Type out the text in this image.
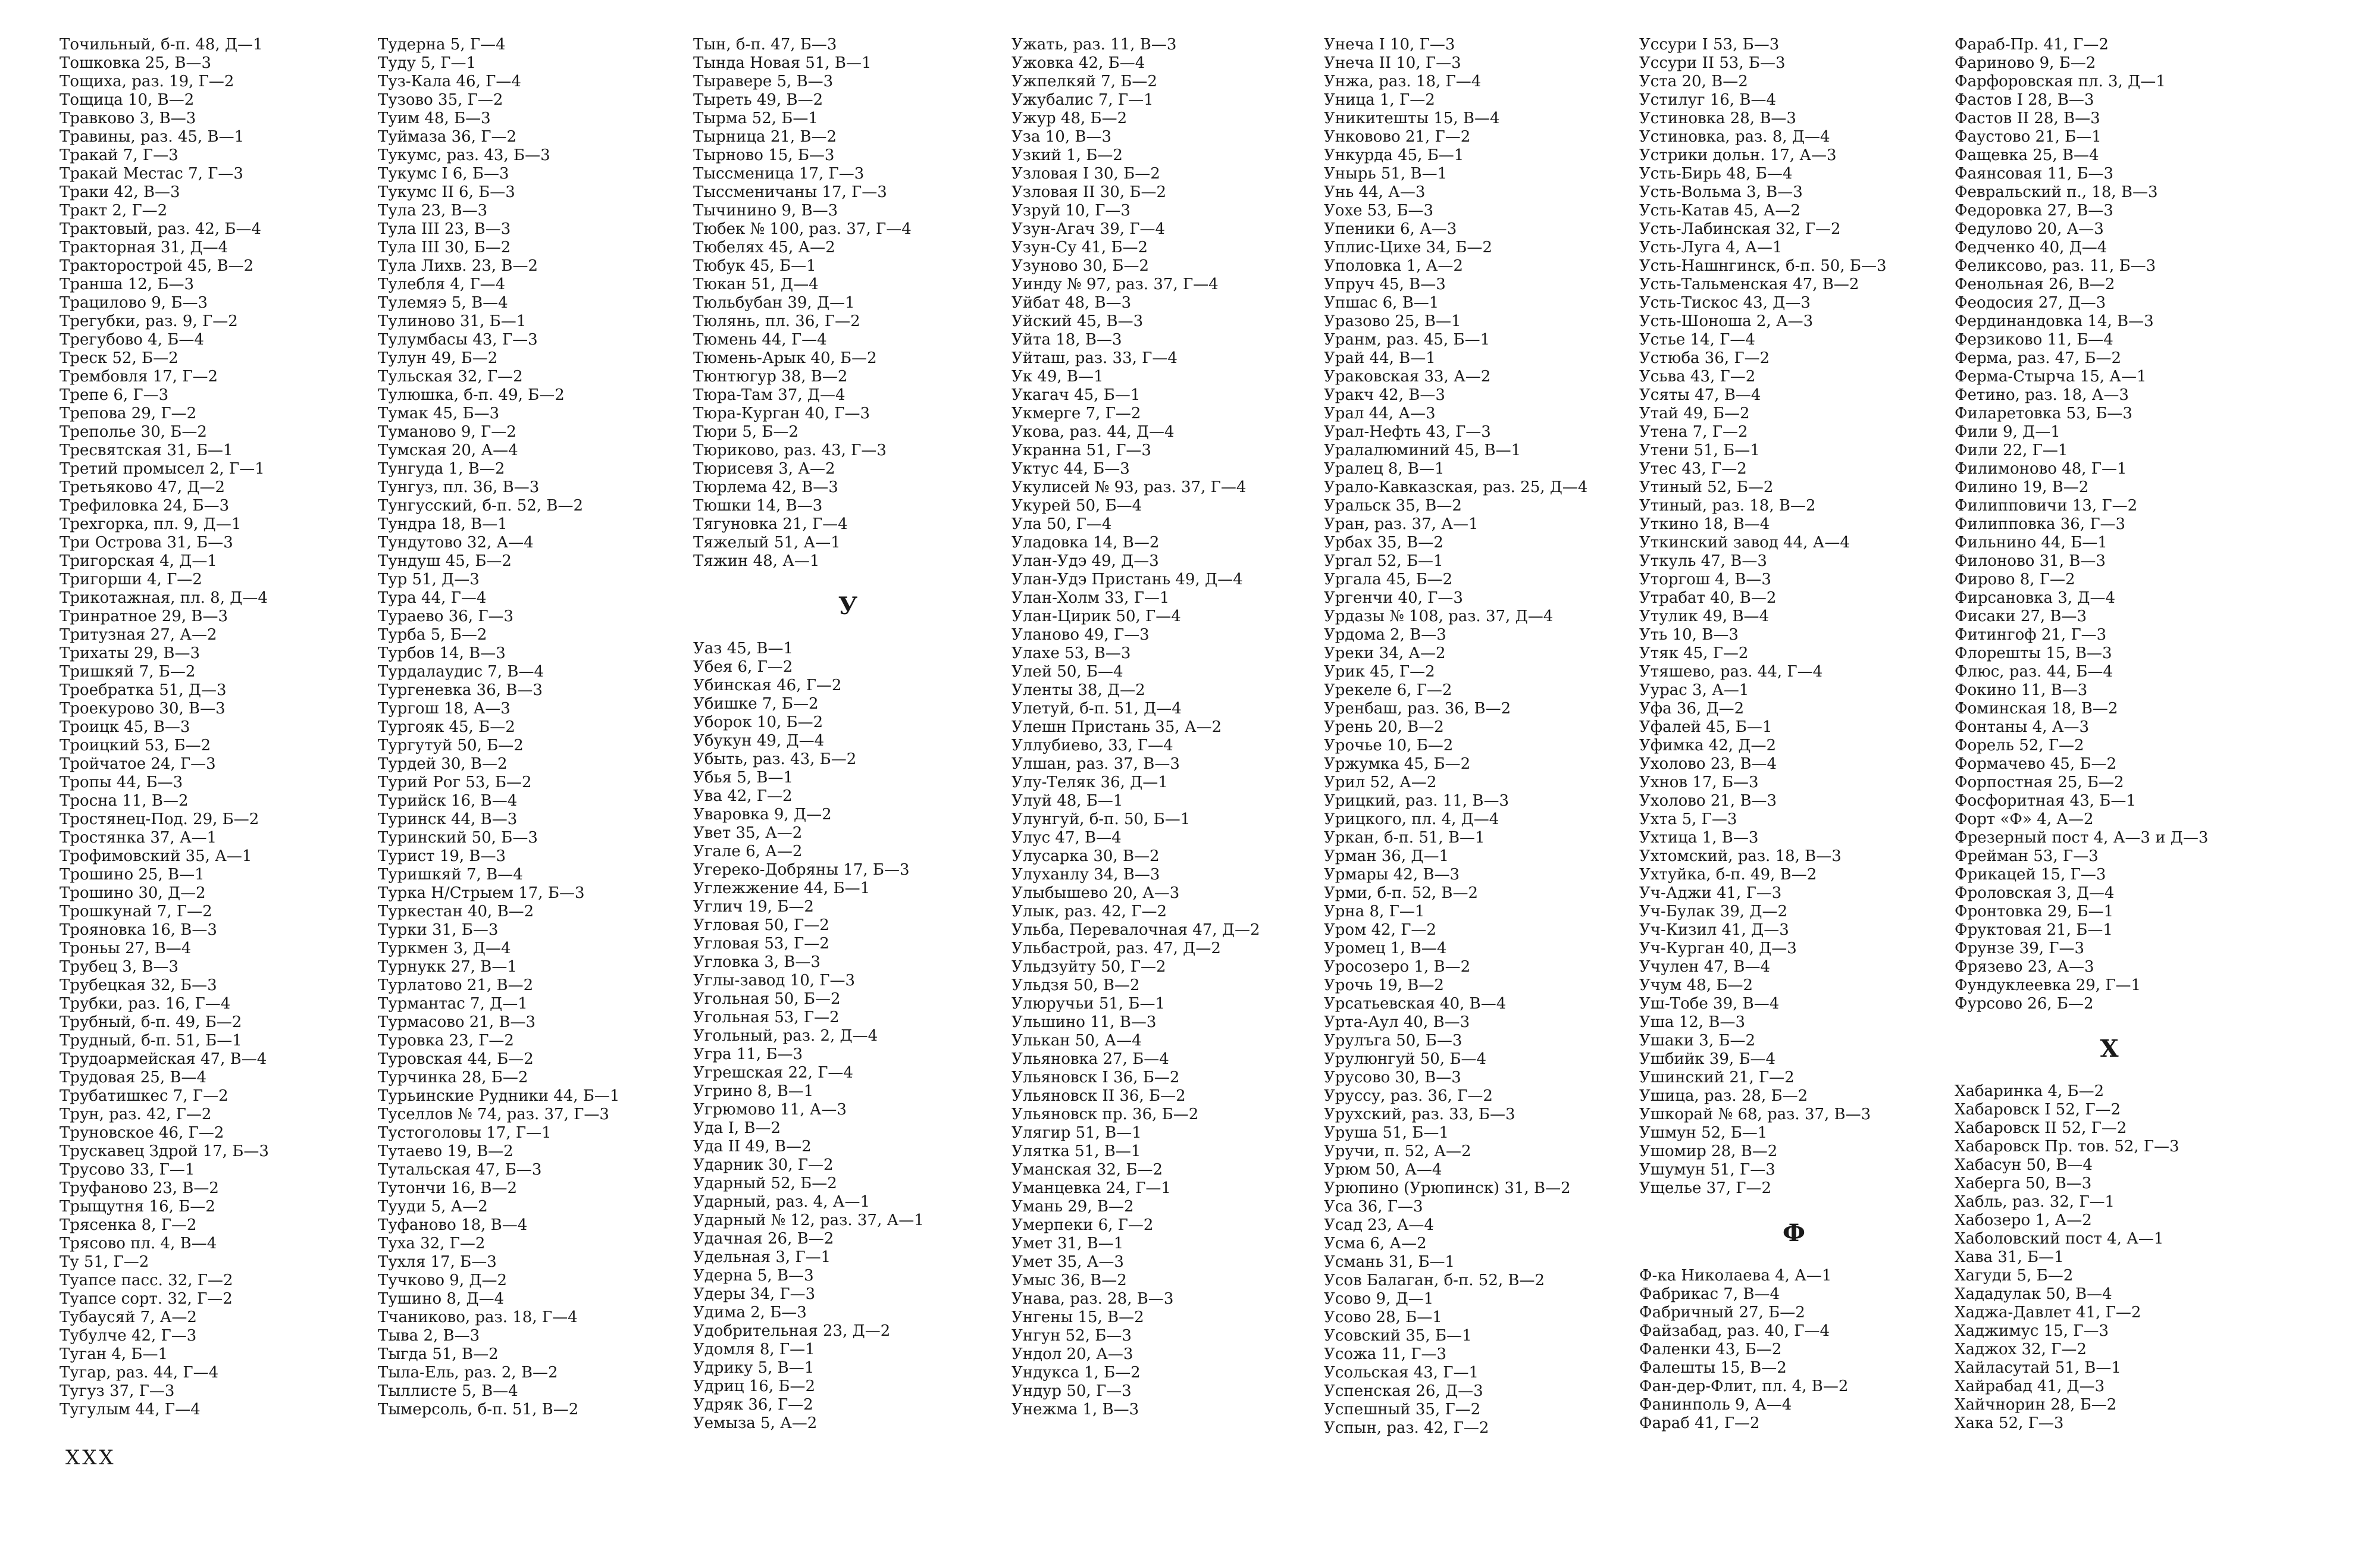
Точильный, б-п. 48, Д—1
Тошковка 25, В—3
Тощиха, раз. 19, Г—2
Тощица 10, В—2
Травково 3, В—3
Травины, раз. 45, В—1
Тракай 7, Г—3
Тракай Местас 7, Г—3
Траки 42, В—3
Тракт 2, Г—2
Трактовый, раз. 42, Б—4
Тракторная 31, Д—4
Тракторострой 45, В—2
Траншa 12, Б—3
Трацилово 9, Б—3
Трегубки, раз. 9, Г—2
Трегубово 4, Б—4
Треск 52, Б—2
Трембовля 17, Г—2
Трепе 6, Г—3
Трепова 29, Г—2
Трепольe 30, Б—2
Тресвятская 31, Б—1
Третий промысел 2, Г—1
Третьяково 47, Д—2
Трефиловка 24, Б—3
Трехгорка, пл. 9, Д—1
Три Острова 31, Б—3
Тригорская 4, Д—1
Тригорши 4, Г—2
Трикотажная, пл. 8, Д—4
Тринратное 29, В—3
Тритузная 27, А—2
Трихаты 29, В—3
Тришкяй 7, Б—2
Троебратка 51, Д—3
Троекурово 30, В—3
Троицк 45, В—3
Троицкий 53, Б—2
Тройчатое 24, Г—3
Тропы 44, Б—3
Тросна 11, В—2
Тростянец-Под. 29, Б—2
Тростянка 37, А—1
Трофимовский 35, А—1
Трошино 25, В—1
Трошино 30, Д—2
Трошкунай 7, Г—2
Трояновка 16, В—3
Троньы 27, В—4
Трубец 3, В—3
Трубецкая 32, Б—3
Трубки, раз. 16, Г—4
Трубный, б-п. 49, Б—2
Трудный, б-п. 51, Б—1
Трудоармейская 47, В—4
Трудовая 25, В—4
Трубатишкес 7, Г—2
Трун, раз. 42, Г—2
Труновское 46, Г—2
Трускавец Здрой 17, Б—3
Трусово 33, Г—1
Труфаново 23, В—2
Трыщутня 16, Б—2
Трясенка 8, Г—2
Трясово пл. 4, В—4
Ту 51, Г—2
Туапсе пасс. 32, Г—2
Туапсе сорт. 32, Г—2
Тубаусяй 7, А—2
Тубулче 42, Г—3
Туган 4, Б—1
Тугар, раз. 44, Г—4
Тугуз 37, Г—3
Тугулым 44, Г—4
Тудерна 5, Г—4
Туду 5, Г—1
Туз-Кала 46, Г—4
Тузово 35, Г—2
Туим 48, Б—3
Туймаза 36, Г—2
Тукумс, раз. 43, Б—3
Тукумс I 6, Б—3
Тукумс II 6, Б—3
Тула 23, В—3
Тула III 23, В—3
Тула III 30, Б—2
Тула Лихв. 23, В—2
Тулебля 4, Г—4
Тулемяэ 5, В—4
Тулиново 31, Б—1
Тулумбасы 43, Г—3
Тулун 49, Б—2
Тульская 32, Г—2
Тулюшка, б-п. 49, Б—2
Тумак 45, Б—3
Туманово 9, Г—2
Тумская 20, А—4
Тунгуда 1, В—2
Тунгуз, пл. 36, В—3
Тунгусский, б-п. 52, В—2
Тундра 18, В—1
Тундутово 32, А—4
Тундуш 45, Б—2
Тур 51, Д—3
Тура 44, Г—4
Тураево 36, Г—3
Турба 5, Б—2
Турбов 14, В—3
Турдалаудис 7, В—4
Тургеневка 36, В—3
Тургош 18, А—3
Тургояк 45, Б—2
Тургутуй 50, Б—2
Турдей 30, В—2
Турий Рог 53, Б—2
Турийск 16, В—4
Туринск 44, В—3
Туринский 50, Б—3
Турист 19, В—3
Туришкяй 7, В—4
Турка Н/Стрыем 17, Б—3
Туркестан 40, В—2
Турки 31, Б—3
Туркмен 3, Д—4
Турнукк 27, В—1
Турлатово 21, В—2
Турмантас 7, Д—1
Турмасово 21, В—3
Туровка 23, Г—2
Туровская 44, Б—2
Турчинка 28, Б—2
Турьинские Рудники 44, Б—1
Туселлов № 74, раз. 37, Г—3
Тустоголовы 17, Г—1
Тутаево 19, В—2
Тутальская 47, Б—3
Тутончи 16, В—2
Тууди 5, А—2
Туфаново 18, В—4
Туха 32, Г—2
Тухля 17, Б—3
Тучково 9, Д—2
Тушино 8, Д—4
Тчаниково, раз. 18, Г—4
Тыва 2, В—3
Тыгда 51, В—2
Тыла-Ель, раз. 2, В—2
Тыллисте 5, В—4
Тымерсоль, б-п. 51, В—2
Тын, б-п. 47, Б—3
Тында Новая 51, В—1
Тыравере 5, В—3
Тыреть 49, В—2
Тырма 52, Б—1
Тырница 21, В—2
Тырново 15, Б—3
Тыссменица 17, Г—3
Тыссменичаны 17, Г—3
Тычинино 9, В—3
Тюбек № 100, раз. 37, Г—4
Тюбелях 45, А—2
Тюбук 45, Б—1
Тюкан 51, Д—4
Тюльбубан 39, Д—1
Тюлянь, пл. 36, Г—2
Тюмень 44, Г—4
Тюмень-Арык 40, Б—2
Тюнтюгур 38, В—2
Тюра-Там 37, Д—4
Тюра-Курган 40, Г—3
Тюри 5, Б—2
Тюриково, раз. 43, Г—3
Тюрисевя 3, А—2
Тюрлема 42, В—3
Тюшки 14, В—3
Тягуновка 21, Г—4
Тяжелый 51, А—1
Тяжин 48, А—1
У
Уаз 45, В—1
Убея 6, Г—2
Убинская 46, Г—2
Убишке 7, Б—2
Уборок 10, Б—2
Убукун 49, Д—4
Убыть, раз. 43, Б—2
Убья 5, В—1
Ува 42, Г—2
Уваровка 9, Д—2
Увет 35, А—2
Угале 6, А—2
Угереко-Добряны 17, Б—3
Углежжение 44, Б—1
Углич 19, Б—2
Угловая 50, Г—2
Угловая 53, Г—2
Угловка 3, В—3
Углы-завод 10, Г—3
Угольная 50, Б—2
Угольная 53, Г—2
Угольный, раз. 2, Д—4
Угра 11, Б—3
Угрешская 22, Г—4
Угрино 8, В—1
Угрюмово 11, А—3
Уда I, В—2
Уда II 49, В—2
Ударник 30, Г—2
Ударный 52, Б—2
Ударный, раз. 4, А—1
Ударный № 12, раз. 37, А—1
Удачная 26, В—2
Удельная 3, Г—1
Удерна 5, В—3
Удеры 34, Г—3
Удима 2, Б—3
Удобрительная 23, Д—2
Удомля 8, Г—1
Удрику 5, В—1
Удриц 16, Б—2
Удряк 36, Г—2
Уемыза 5, А—2
Ужать, раз. 11, В—3
Ужовка 42, Б—4
Ужпелкяй 7, Б—2
Ужубалис 7, Г—1
Ужур 48, Б—2
Уза 10, В—3
Узкий 1, Б—2
Узловая I 30, Б—2
Узловая II 30, Б—2
Узруй 10, Г—3
Узун-Агач 39, Г—4
Узун-Су 41, Б—2
Узуново 30, Б—2
Уинду № 97, раз. 37, Г—4
Уйбат 48, В—3
Уйский 45, В—3
Уйта 18, В—3
Уйташ, раз. 33, Г—4
Ук 49, В—1
Укагач 45, Б—1
Укмерге 7, Г—2
Укова, раз. 44, Д—4
Укранна 51, Г—3
Уктус 44, Б—3
Укулисей № 93, раз. 37, Г—4
Укурей 50, Б—4
Ула 50, Г—4
Уладовка 14, В—2
Улан-Удэ 49, Д—3
Улан-Удэ Пристань 49, Д—4
Улан-Холм 33, Г—1
Улан-Цирик 50, Г—4
Уланово 49, Г—3
Улахе 53, В—3
Улей 50, Б—4
Уленты 38, Д—2
Улетуй, б-п. 51, Д—4
Улешн Пристань 35, А—2
Уллубиево, 33, Г—4
Улшан, раз. 37, В—3
Улу-Теляк 36, Д—1
Улуй 48, Б—1
Улунгуй, б-п. 50, Б—1
Улус 47, В—4
Улусарка 30, В—2
Улуханлу 34, В—3
Улыбышево 20, А—3
Улык, раз. 42, Г—2
Ульба, Перевалочная 47, Д—2
Ульбастрой, раз. 47, Д—2
Ульдзуйту 50, Г—2
Ульдзя 50, В—2
Улюручьи 51, Б—1
Ульшино 11, В—3
Улькан 50, А—4
Ульяновка 27, Б—4
Ульяновск I 36, Б—2
Ульяновск II 36, Б—2
Ульяновск пр. 36, Б—2
Улягир 51, В—1
Улятка 51, В—1
Уманская 32, Б—2
Уманцевка 24, Г—1
Умань 29, В—2
Умерпеки 6, Г—2
Умет 31, В—1
Умет 35, А—3
Умыс 36, В—2
Унава, раз. 28, В—3
Унгены 15, В—2
Унгун 52, Б—3
Ундол 20, А—3
Ундукса 1, Б—2
Ундур 50, Г—3
Унежма 1, В—3
Унеча I 10, Г—3
Унеча II 10, Г—3
Унжа, раз. 18, Г—4
Уница 1, Г—2
Уникитешты 15, В—4
Унковово 21, Г—2
Ункурда 45, Б—1
Уныpь 51, В—1
Унь 44, А—3
Уохе 53, Б—3
Упеники 6, А—3
Уплис-Цихе 34, Б—2
Уполовка 1, А—2
Упруч 45, В—3
Упшас 6, В—1
Уразово 25, В—1
Уранм, раз. 45, Б—1
Урай 44, В—1
Ураковская 33, А—2
Уракч 42, В—3
Урал 44, А—3
Урал-Нефть 43, Г—3
Уралалюминий 45, В—1
Уралец 8, В—1
Урало-Кавказская, раз. 25, Д—4
Уральск 35, В—2
Уран, раз. 37, А—1
Урбах 35, В—2
Ургал 52, Б—1
Ургала 45, Б—2
Ургенчи 40, Г—3
Урдазы № 108, раз. 37, Д—4
Урдома 2, В—3
Уреки 34, А—2
Урик 45, Г—2
Урекеле 6, Г—2
Уренбаш, раз. 36, В—2
Урень 20, В—2
Урочье 10, Б—2
Уржумка 45, Б—2
Урил 52, А—2
Урицкий, раз. 11, В—3
Урицкого, пл. 4, Д—4
Уркан, б-п. 51, В—1
Урман 36, Д—1
Урмары 42, В—3
Урми, б-п. 52, В—2
Урна 8, Г—1
Уром 42, Г—2
Уромец 1, В—4
Уросозеро 1, В—2
Урочь 19, В—2
Урсатьевская 40, В—4
Урта-Аул 40, В—3
Урулъга 50, Б—3
Урулюнгуй 50, Б—4
Урусово 30, В—3
Уруссу, раз. 36, Г—2
Урухский, раз. 33, Б—3
Уруша 51, Б—1
Уручи, п. 52, А—2
Урюм 50, А—4
Урюпино (Урюпинск) 31, В—2
Уса 36, Г—3
Усад 23, А—4
Усма 6, А—2
Усмань 31, Б—1
Усов Балаган, б-п. 52, В—2
Усово 9, Д—1
Усово 28, Б—1
Усовский 35, Б—1
Усожа 11, Г—3
Усольская 43, Г—1
Успенская 26, Д—3
Успешный 35, Г—2
Успын, раз. 42, Г—2
Уссури I 53, Б—3
Уссури II 53, Б—3
Уста 20, В—2
Устилуг 16, В—4
Устиновка 28, В—3
Устиновка, раз. 8, Д—4
Устрики дольн. 17, А—3
Усть-Бирь 48, Б—4
Усть-Вольма 3, В—3
Усть-Катав 45, А—2
Усть-Лабинская 32, Г—2
Усть-Луга 4, А—1
Усть-Нашнгинск, б-п. 50, Б—3
Усть-Тальменская 47, В—2
Усть-Тискос 43, Д—3
Усть-Шоноша 2, А—3
Устье 14, Г—4
Устюба 36, Г—2
Усьва 43, Г—2
Усяты 47, В—4
Утай 49, Б—2
Утена 7, Г—2
Утени 51, Б—1
Утес 43, Г—2
Утиный 52, Б—2
Утиный, раз. 18, В—2
Уткино 18, В—4
Уткинский завод 44, А—4
Уткуль 47, В—3
Уторгош 4, В—3
Утрабат 40, В—2
Утулик 49, В—4
Уть 10, В—3
Утяк 45, Г—2
Утяшево, раз. 44, Г—4
Уурас 3, А—1
Уфа 36, Д—2
Уфалей 45, Б—1
Уфимка 42, Д—2
Ухолово 23, В—4
Ухнов 17, Б—3
Ухолово 21, В—3
Ухта 5, Г—3
Ухтица 1, В—3
Ухтомский, раз. 18, В—3
Ухтуйка, б-п. 49, В—2
Уч-Аджи 41, Г—3
Уч-Булак 39, Д—2
Уч-Кизил 41, Д—3
Уч-Курган 40, Д—3
Учулен 47, В—4
Учум 48, Б—2
Уш-Тобе 39, В—4
Уша 12, В—3
Ушаки 3, Б—2
Ушбийк 39, Б—4
Ушинский 21, Г—2
Ушица, раз. 28, Б—2
Ушкорай № 68, раз. 37, В—3
Ушмун 52, Б—1
Ушомир 28, В—2
Ушумун 51, Г—3
Ущелье 37, Г—2
Ф
Ф-ка Николаева 4, А—1
Фабрикас 7, В—4
Фабричный 27, Б—2
Файзабад, раз. 40, Г—4
Фаленки 43, Б—2
Фалешты 15, В—2
Фан-дер-Флит, пл. 4, В—2
Фанинполь 9, А—4
Фараб 41, Г—2
Фараб-Пр. 41, Г—2
Фариново 9, Б—2
Фарфоровская пл. 3, Д—1
Фастов I 28, В—3
Фастов II 28, В—3
Фаустово 21, Б—1
Фащевка 25, В—4
Фаянсовая 11, Б—3
Февральский п., 18, В—3
Федоровка 27, В—3
Федулово 20, А—3
Федченко 40, Д—4
Феликсово, раз. 11, Б—3
Фенольная 26, В—2
Феодосия 27, Д—3
Фердинандовка 14, В—3
Ферзиково 11, Б—4
Ферма, раз. 47, Б—2
Ферма-Стырча 15, А—1
Фетино, раз. 18, А—3
Филаретовка 53, Б—3
Фили 9, Д—1
Фили 22, Г—1
Филимоново 48, Г—1
Филино 19, В—2
Филипповичи 13, Г—2
Филипповка 36, Г—3
Фильнино 44, Б—1
Филоново 31, В—3
Фирово 8, Г—2
Фирсановка 3, Д—4
Фисаки 27, В—3
Фитингоф 21, Г—3
Флорешты 15, В—3
Флюс, раз. 44, Б—4
Фокино 11, В—3
Фоминская 18, В—2
Фонтаны 4, А—3
Форель 52, Г—2
Формачево 45, Б—2
Форпостная 25, Б—2
Фосфоритная 43, Б—1
Форт «Ф» 4, А—2
Фрезерный пост 4, А—3 и Д—3
Фрейман 53, Г—3
Фрикацей 15, Г—3
Фроловская 3, Д—4
Фронтовка 29, Б—1
Фруктовая 21, Б—1
Фрунзе 39, Г—3
Фрязево 23, А—3
Фундуклеевка 29, Г—1
Фурсово 26, Б—2
Х
Хабаринка 4, Б—2
Хабаровск I 52, Г—2
Хабаровск II 52, Г—2
Хабаровск Пр. тов. 52, Г—3
Хабасун 50, В—4
Хаберга 50, В—3
Хабль, раз. 32, Г—1
Хабозеро 1, А—2
Хаболовский пост 4, А—1
Хава 31, Б—1
Хагуди 5, Б—2
Хададулак 50, В—4
Хаджа-Давлет 41, Г—2
Хаджимус 15, Г—3
Хаджох 32, Г—2
Хайласутай 51, В—1
Хайрабад 41, Д—3
Хайчнорин 28, Б—2
Хака 52, Г—3
XXX
